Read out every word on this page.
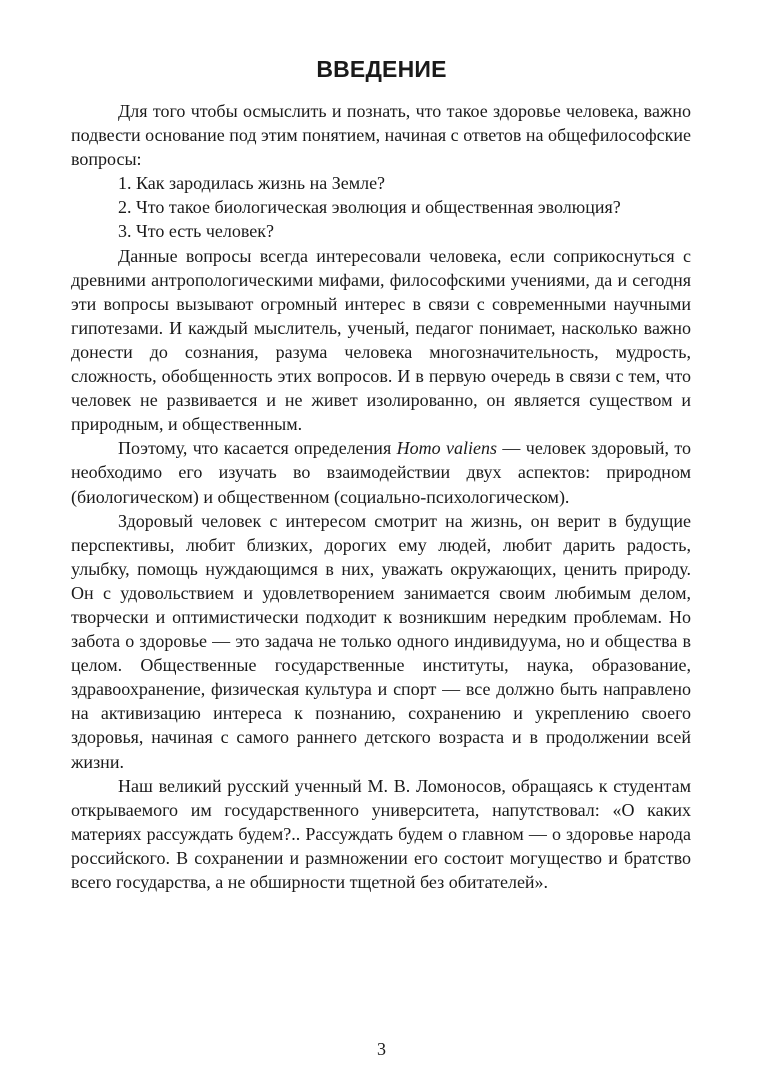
ВВЕДЕНИЕ

Для того чтобы осмыслить и познать, что такое здоровье человека, важно подвести основание под этим понятием, начиная с ответов на общефилософские вопросы:

1. Как зародилась жизнь на Земле?

2. Что такое биологическая эволюция и общественная эволюция?

3. Что есть человек?

Данные вопросы всегда интересовали человека, если соприкоснуться с древними антропологическими мифами, философскими учениями, да и сегодня эти вопросы вызывают огромный интерес в связи с современными научными гипотезами. И каждый мыслитель, ученый, педагог понимает, насколько важно донести до сознания, разума человека многозначительность, мудрость, сложность, обобщенность этих вопросов. И в первую очередь в связи с тем, что человек не развивается и не живет изолированно, он является существом и природным, и общественным.

Поэтому, что касается определения Homo valiens — человек здоровый, то необходимо его изучать во взаимодействии двух аспектов: природном (биологическом) и общественном (социально-психологическом).

Здоровый человек с интересом смотрит на жизнь, он верит в будущие перспективы, любит близких, дорогих ему людей, любит дарить радость, улыбку, помощь нуждающимся в них, уважать окружающих, ценить природу. Он с удовольствием и удовлетворением занимается своим любимым делом, творчески и оптимистически подходит к возникшим нередким проблемам. Но забота о здоровье — это задача не только одного индивидуума, но и общества в целом. Общественные государственные институты, наука, образование, здравоохранение, физическая культура и спорт — все должно быть направлено на активизацию интереса к познанию, сохранению и укреплению своего здоровья, начиная с самого раннего детского возраста и в продолжении всей жизни.

Наш великий русский ученный М. В. Ломоносов, обращаясь к студентам открываемого им государственного университета, напутствовал: «О каких материях рассуждать будем?.. Рассуждать будем о главном — о здоровье народа российского. В сохранении и размножении его состоит могущество и братство всего государства, а не обширности тщетной без обитателей».

3
